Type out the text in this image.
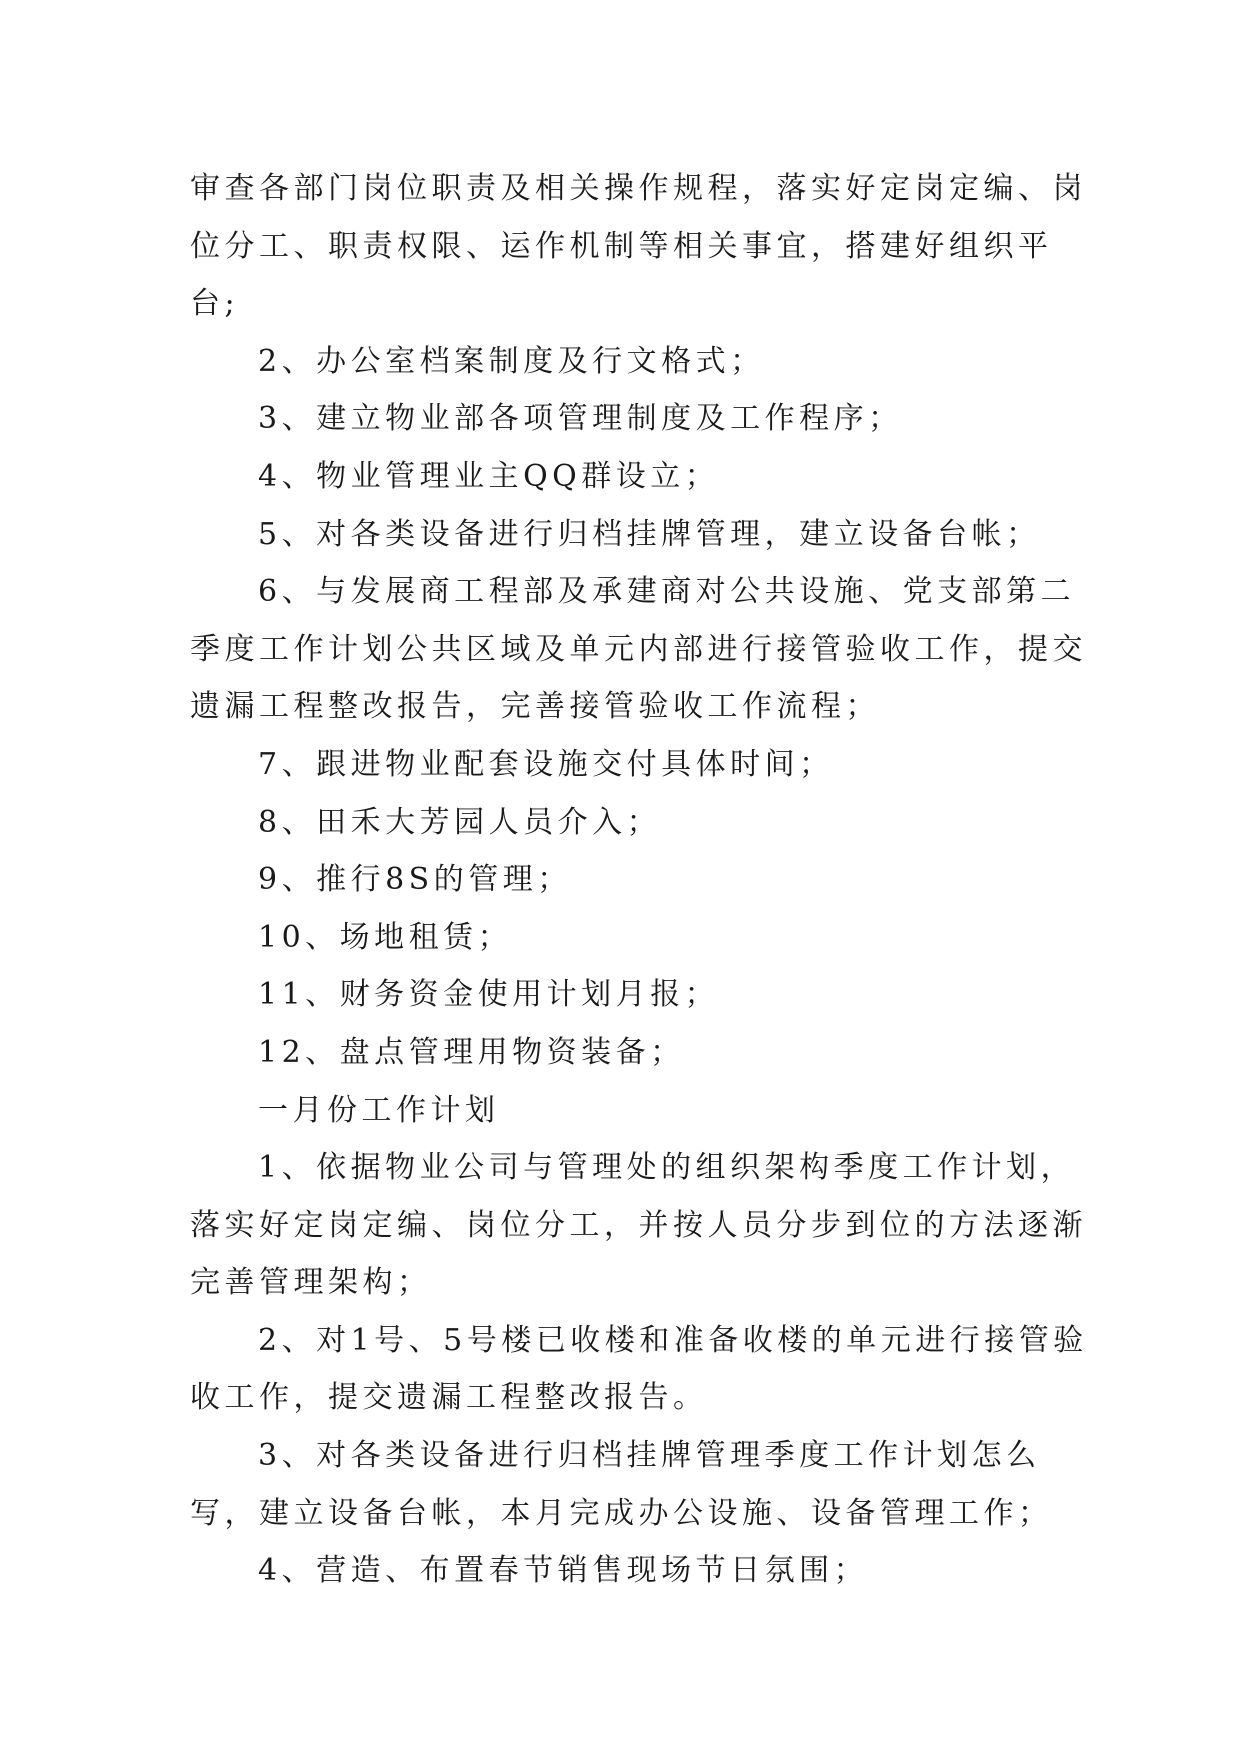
审查各部门岗位职责及相关操作规程，落实好定岗定编、岗位分工、职责权限、运作机制等相关事宜，搭建好组织平台;

2、办公室档案制度及行文格式；

3、建立物业部各项管理制度及工作程序；

4、物业管理业主QQ群设立；

5、对各类设备进行归档挂牌管理，建立设备台帐；

6、与发展商工程部及承建商对公共设施、党支部第二季度工作计划公共区域及单元内部进行接管验收工作，提交遗漏工程整改报告，完善接管验收工作流程；

7、跟进物业配套设施交付具体时间；

8、田禾大芳园人员介入；

9、推行8S的管理；

10、场地租赁；

11、财务资金使用计划月报；

12、盘点管理用物资装备；

一月份工作计划

1、依据物业公司与管理处的组织架构季度工作计划，落实好定岗定编、岗位分工，并按人员分步到位的方法逐渐完善管理架构；

2、对1号、5号楼已收楼和准备收楼的单元进行接管验收工作，提交遗漏工程整改报告。

3、对各类设备进行归档挂牌管理季度工作计划怎么写，建立设备台帐，本月完成办公设施、设备管理工作；

4、营造、布置春节销售现场节日氛围；
